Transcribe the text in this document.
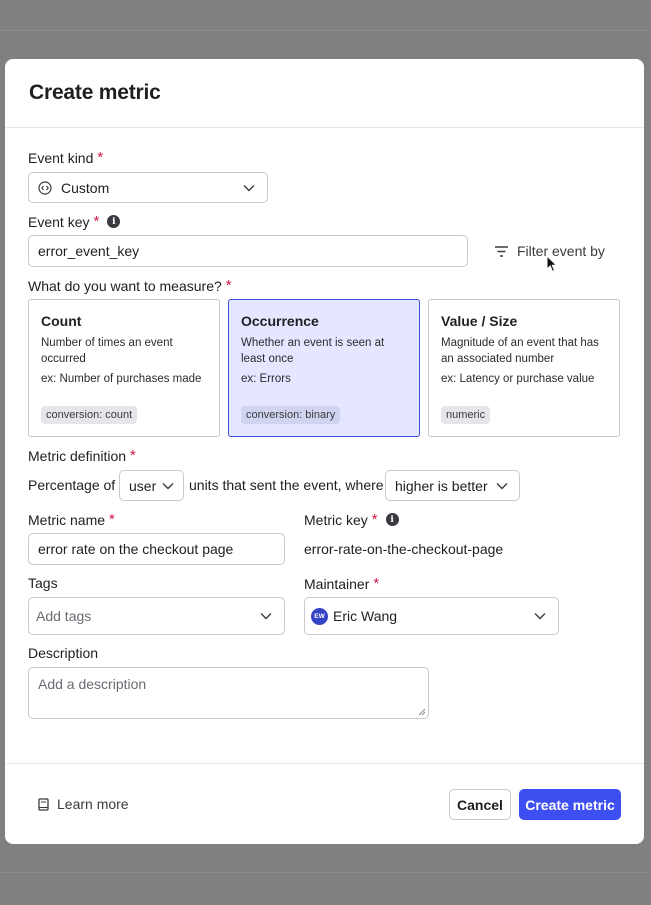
Create metric
Event kind *
Custom
Event key *	i
error_event_key	Filter event by
What do you want to measure? *
Count
Number of times an event occurred
ex: Number of purchases made
conversion: count
Occurrence
Whether an event is seen at least once
ex: Errors
conversion: binary
Value / Size
Magnitude of an event that has an associated number
ex: Latency or purchase value
numeric
Metric definition *
Percentage of user units that sent the event, where higher is better
Metric name *
error rate on the checkout page
Metric key *	i
error-rate-on-the-checkout-page
Tags
Add tags
Maintainer *
EW Eric Wang
Description
Add a description
Learn more	Cancel	Create metric
